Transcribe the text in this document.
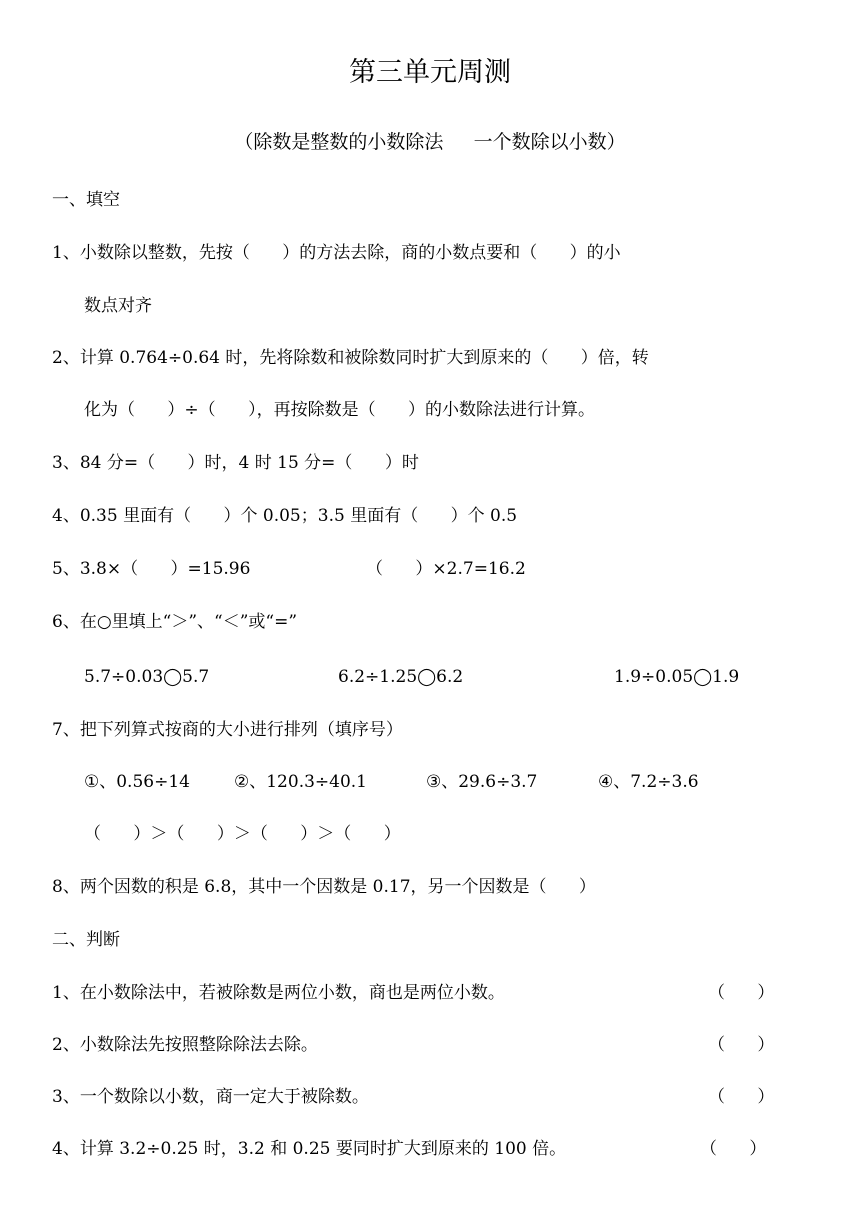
第三单元周测
（除数是整数的小数除法     一个数除以小数）
一、填空
1、小数除以整数，先按（      ）的方法去除，商的小数点要和（      ）的小
数点对齐
2、计算 0.764÷0.64 时，先将除数和被除数同时扩大到原来的（      ）倍，转
化为（      ）÷（      ），再按除数是（      ）的小数除法进行计算。
3、84 分=（      ）时，4 时 15 分=（      ）时
4、0.35 里面有（      ）个 0.05；3.5 里面有（      ）个 0.5
5、3.8×（      ）=15.96	（      ）×2.7=16.2
6、在○里填上“＞”、“＜”或“=”
5.7÷0.03◯5.7	6.2÷1.25◯6.2	1.9÷0.05◯1.9
7、把下列算式按商的大小进行排列（填序号）
①、0.56÷14	②、120.3÷40.1	③、29.6÷3.7	④、7.2÷3.6
（      ）＞（      ）＞（      ）＞（      ）
8、两个因数的积是 6.8，其中一个因数是 0.17，另一个因数是（      ）
二、判断
1、在小数除法中，若被除数是两位小数，商也是两位小数。	（      ）
2、小数除法先按照整除除法去除。	（      ）
3、一个数除以小数，商一定大于被除数。	（      ）
4、计算 3.2÷0.25 时，3.2 和 0.25 要同时扩大到原来的 100 倍。	（      ）
